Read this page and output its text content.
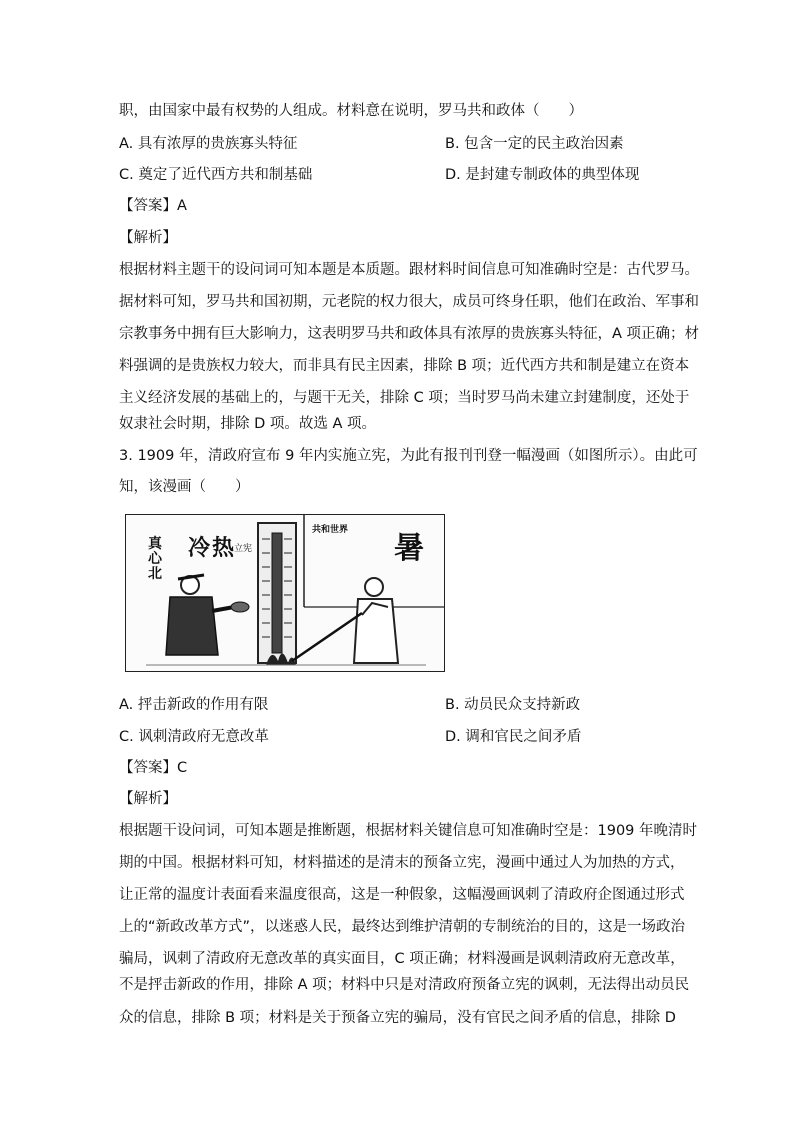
职，由国家中最有权势的人组成。材料意在说明，罗马共和政体（　　）
A. 具有浓厚的贵族寡头特征	B. 包含一定的民主政治因素
C. 奠定了近代西方共和制基础	D. 是封建专制政体的典型体现
【答案】A
【解析】
根据材料主题干的设问词可知本题是本质题。跟材料时间信息可知准确时空是：古代罗马。
据材料可知，罗马共和国初期，元老院的权力很大，成员可终身任职，他们在政治、军事和
宗教事务中拥有巨大影响力，这表明罗马共和政体具有浓厚的贵族寡头特征，A 项正确；材
料强调的是贵族权力较大，而非具有民主因素，排除 B 项；近代西方共和制是建立在资本
主义经济发展的基础上的，与题干无关，排除 C 项；当时罗马尚未建立封建制度，还处于
奴隶社会时期，排除 D 项。故选 A 项。
3. 1909 年，清政府宣布 9 年内实施立宪，为此有报刊刊登一幅漫画（如图所示）。由此可
知，该漫画（　　）
冷热
真心北
立宪
共和世界
暑
A. 抨击新政的作用有限	B. 动员民众支持新政
C. 讽刺清政府无意改革	D. 调和官民之间矛盾
【答案】C
【解析】
根据题干设问词，可知本题是推断题，根据材料关键信息可知准确时空是：1909 年晚清时
期的中国。根据材料可知，材料描述的是清末的预备立宪，漫画中通过人为加热的方式，
让正常的温度计表面看来温度很高，这是一种假象，这幅漫画讽刺了清政府企图通过形式
上的“新政改革方式”，以迷惑人民，最终达到维护清朝的专制统治的目的，这是一场政治
骗局，讽刺了清政府无意改革的真实面目，C 项正确；材料漫画是讽刺清政府无意改革，
不是抨击新政的作用，排除 A 项；材料中只是对清政府预备立宪的讽刺，无法得出动员民
众的信息，排除 B 项；材料是关于预备立宪的骗局，没有官民之间矛盾的信息，排除 D
